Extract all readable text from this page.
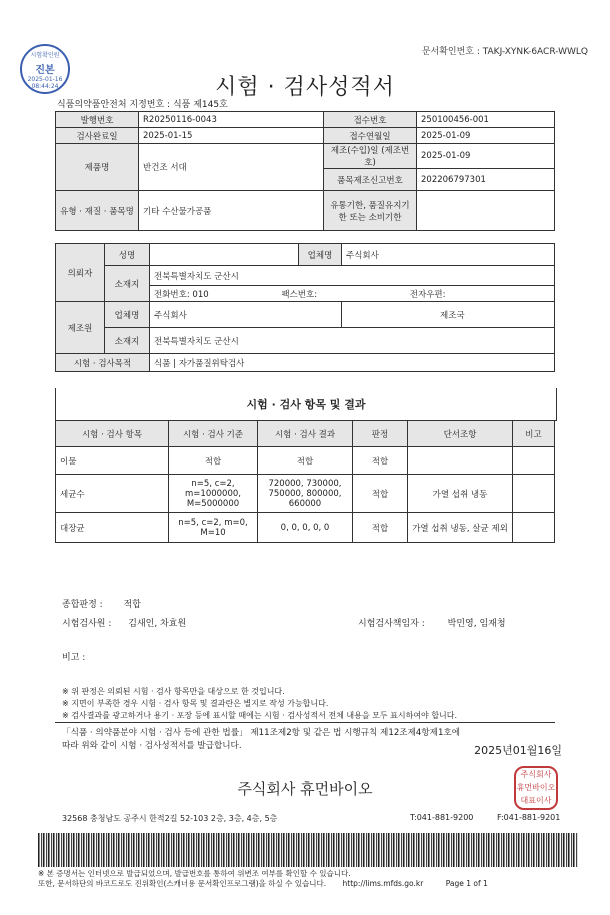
시험확인원
진본
2025-01-16
08:44:24
문서확인번호 : TAKJ-XYNK-6ACR-WWLQ
시험 · 검사성적서
식품의약품안전처 지정번호 : 식품 제145호
발행번호	R20250116-0043	접수번호	250100456-001
검사완료일	2025-01-15	접수연월일	2025-01-09
제품명	반건조 서대	제조(수입)일 (제조번호)	2025-01-09
		품목제조신고번호	202206797301
유형 · 재질 · 품목명	기타 수산물가공품	유통기한, 품질유지기한 또는 소비기한	
의뢰자	성명		업체명	주식회사
	소재지	전북특별자치도 군산시		
		전화번호: 010 팩스번호: 전자우편:		
제조원	업체명	주식회사		제조국
	소재지	전북특별자치도 군산시		
시험 · 검사목적		식품 | 자가품질위탁검사		
시험 · 검사 항목 및 결과
시험 · 검사 항목	시험 · 검사 기준	시험 · 검사 결과	판정	단서조항	비고
이물	적합	적합	적합		
세균수	n=5, c=2, m=1000000, M=5000000	720000, 730000, 750000, 800000, 660000	적합	가열 섭취 냉동	
대장균	n=5, c=2, m=0, M=10	0, 0, 0, 0, 0	적합	가열 섭취 냉동, 살균 제외	
종합판정 : 적합
시험검사원 : 김새인, 차효원	시험검사책임자 :	박민영, 임재청
비고 :
※ 위 판정은 의뢰된 시험 · 검사 항목만을 대상으로 한 것입니다.
※ 지면이 부족한 경우 시험 · 검사 항목 및 결과란은 별지로 작성 가능합니다.
※ 검사결과를 광고하거나 용기 · 포장 등에 표시할 때에는 시험 · 검사성적서 전체 내용을 모두 표시하여야 합니다.
「식품 · 의약품분야 시험 · 검사 등에 관한 법률」 제11조제2항 및 같은 법 시행규칙 제12조제4항제1호에
따라 위와 같이 시험 · 검사성적서를 발급합니다.	2025년01월16일
주식회사 휴먼바이오
주식회사 휴먼바이오 대표이사
32568 충청남도 공주시 한적2길 52-103 2층, 3층, 4층, 5층	T:041-881-9200	F:041-881-9201
※ 본 증명서는 인터넷으로 발급되었으며, 발급번호를 통하여 위변조 여부를 확인할 수 있습니다.
또한, 문서하단의 바코드로도 진위확인(스캐너용 문서확인프로그램)을 하실 수 있습니다. http://lims.mfds.go.kr	Page 1 of 1
